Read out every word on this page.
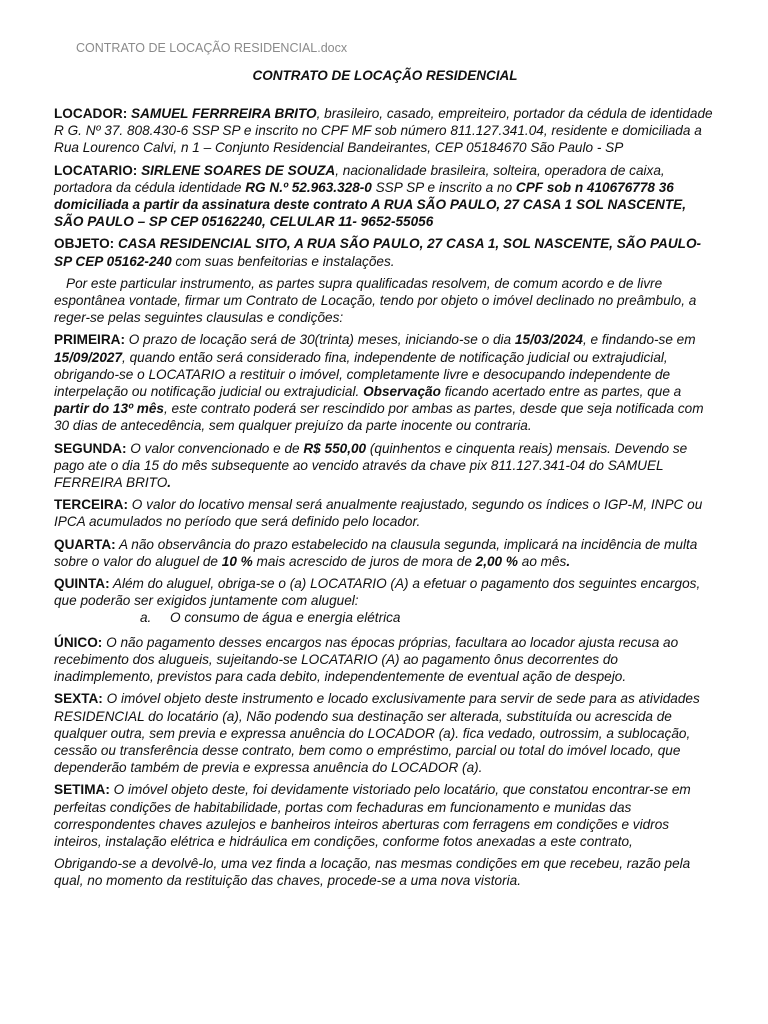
CONTRATO DE LOCAÇÃO RESIDENCIAL.docx
CONTRATO DE LOCAÇÃO RESIDENCIAL

LOCADOR: SAMUEL FERRREIRA BRITO, brasileiro, casado, empreiteiro, portador da cédula de identidade R G. Nº 37. 808.430-6 SSP SP e inscrito no CPF MF sob número 811.127.341.04, residente e domiciliada a Rua Lourenco Calvi, n 1 – Conjunto Residencial Bandeirantes, CEP 05184670 São Paulo - SP

LOCATARIO: SIRLENE SOARES DE SOUZA, nacionalidade brasileira, solteira, operadora de caixa, portadora da cédula identidade RG N.º 52.963.328-0 SSP SP e inscrito a no CPF sob n 410676778 36 domiciliada a partir da assinatura deste contrato A RUA SÃO PAULO, 27 CASA 1 SOL NASCENTE, SÃO PAULO – SP CEP 05162240, CELULAR 11- 9652-55056

OBJETO: CASA RESIDENCIAL SITO, A RUA SÃO PAULO, 27 CASA 1, SOL NASCENTE, SÃO PAULO-SP CEP 05162-240 com suas benfeitorias e instalações.

Por este particular instrumento, as partes supra qualificadas resolvem, de comum acordo e de livre espontânea vontade, firmar um Contrato de Locação, tendo por objeto o imóvel declinado no preâmbulo, a reger-se pelas seguintes clausulas e condições:

PRIMEIRA: O prazo de locação será de 30(trinta) meses, iniciando-se o dia 15/03/2024, e findando-se em 15/09/2027, quando então será considerado fina, independente de notificação judicial ou extrajudicial, obrigando-se o LOCATARIO a restituir o imóvel, completamente livre e desocupando independente de interpelação ou notificação judicial ou extrajudicial. Observação ficando acertado entre as partes, que a partir do 13º mês, este contrato poderá ser rescindido por ambas as partes, desde que seja notificada com 30 dias de antecedência, sem qualquer prejuízo da parte inocente ou contraria.

SEGUNDA: O valor convencionado e de R$ 550,00 (quinhentos e cinquenta reais) mensais. Devendo se pago ate o dia 15 do mês subsequente ao vencido através da chave pix 811.127.341-04 do SAMUEL FERREIRA BRITO.

TERCEIRA: O valor do locativo mensal será anualmente reajustado, segundo os índices o IGP-M, INPC ou IPCA acumulados no período que será definido pelo locador.

QUARTA: A não observância do prazo estabelecido na clausula segunda, implicará na incidência de multa sobre o valor do aluguel de 10 % mais acrescido de juros de mora de 2,00 % ao mês.

QUINTA: Além do aluguel, obriga-se o (a) LOCATARIO (A) a efetuar o pagamento dos seguintes encargos, que poderão ser exigidos juntamente com aluguel:

a. O consumo de água e energia elétrica

ÚNICO: O não pagamento desses encargos nas épocas próprias, facultara ao locador ajusta recusa ao recebimento dos alugueis, sujeitando-se LOCATARIO (A) ao pagamento ônus decorrentes do inadimplemento, previstos para cada debito, independentemente de eventual ação de despejo.

SEXTA: O imóvel objeto deste instrumento e locado exclusivamente para servir de sede para as atividades RESIDENCIAL do locatário (a), Não podendo sua destinação ser alterada, substituída ou acrescida de qualquer outra, sem previa e expressa anuência do LOCADOR (a). fica vedado, outrossim, a sublocação, cessão ou transferência desse contrato, bem como o empréstimo, parcial ou total do imóvel locado, que dependerão também de previa e expressa anuência do LOCADOR (a).

SETIMA: O imóvel objeto deste, foi devidamente vistoriado pelo locatário, que constatou encontrar-se em perfeitas condições de habitabilidade, portas com fechaduras em funcionamento e munidas das correspondentes chaves azulejos e banheiros inteiros aberturas com ferragens em condições e vidros inteiros, instalação elétrica e hidráulica em condições, conforme fotos anexadas a este contrato,

Obrigando-se a devolvê-lo, uma vez finda a locação, nas mesmas condições em que recebeu, razão pela qual, no momento da restituição das chaves, procede-se a uma nova vistoria.
